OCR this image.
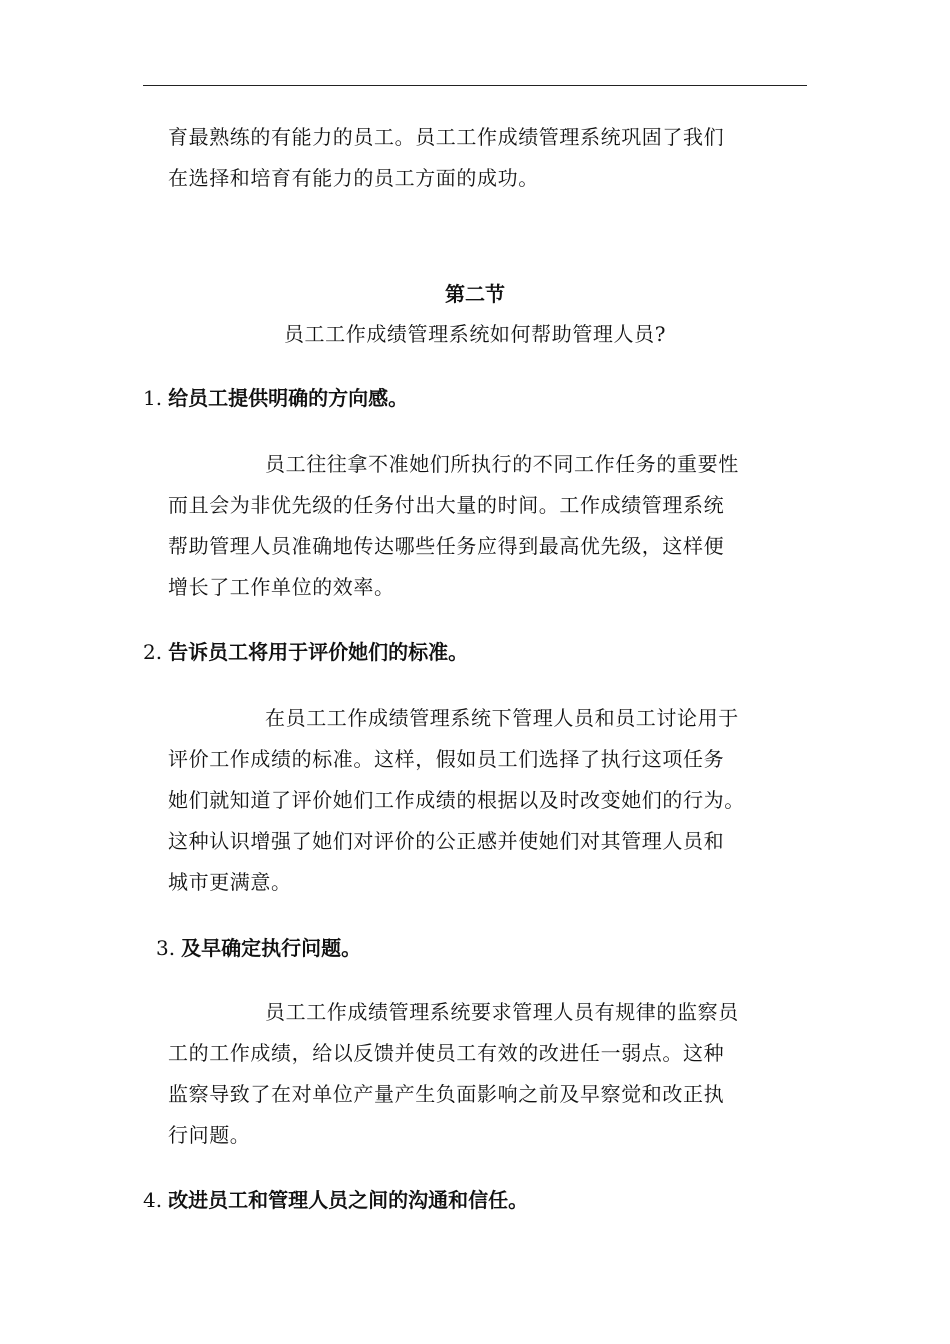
育最熟练的有能力的员工。员工工作成绩管理系统巩固了我们
在选择和培育有能力的员工方面的成功。
第二节
员工工作成绩管理系统如何帮助管理人员?
1. 给员工提供明确的方向感。
员工往往拿不准她们所执行的不同工作任务的重要性
而且会为非优先级的任务付出大量的时间。工作成绩管理系统
帮助管理人员准确地传达哪些任务应得到最高优先级，这样便
增长了工作单位的效率。
2. 告诉员工将用于评价她们的标准。
在员工工作成绩管理系统下管理人员和员工讨论用于
评价工作成绩的标准。这样，假如员工们选择了执行这项任务
她们就知道了评价她们工作成绩的根据以及时改变她们的行为。
这种认识增强了她们对评价的公正感并使她们对其管理人员和
城市更满意。
3. 及早确定执行问题。
员工工作成绩管理系统要求管理人员有规律的监察员
工的工作成绩，给以反馈并使员工有效的改进任一弱点。这种
监察导致了在对单位产量产生负面影响之前及早察觉和改正执
行问题。
4. 改进员工和管理人员之间的沟通和信任。
